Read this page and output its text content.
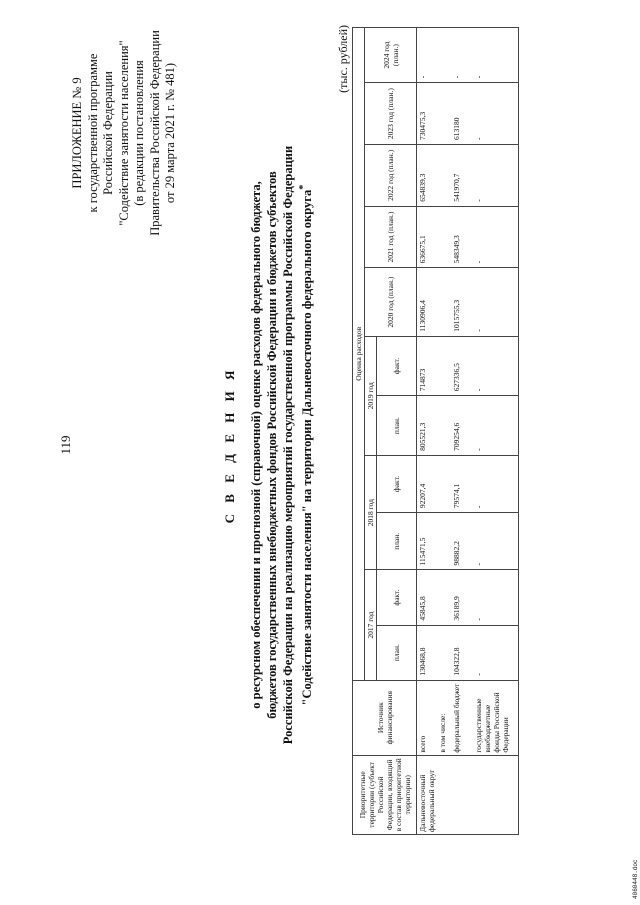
119
ПРИЛОЖЕНИЕ № 9 к государственной программе Российской Федерации "Содействие занятости населения" (в редакции постановления Правительства Российской Федерации от 29 марта 2021 г. № 481)
С В Е Д Е Н И Я о ресурсном обеспечении и прогнозной (справочной) оценке расходов федерального бюджета, бюджетов государственных внебюджетных фондов Российской Федерации и бюджетов субъектов Российской Федерации на реализацию мероприятий государственной программы Российской Федерации "Содействие занятости населения" на территории Дальневосточного федерального округа*
(тыс. рублей)
Приоритетные территории (субъект Российской Федерации, входящий в состав приоритетной территории)	Источник финансирования	Оценка расходов										
		2017 год		2018 год		2019 год		2020 год (план.)	2021 год (план.)	2022 год (план.)	2023 год (план.)	2024 год (план.)
		план.	факт.	план.	факт.	план.	факт.					
Дальневосточный федеральный округ	всего	130468,8	45845,8	115471,5	92207,4	805521,3	714873	1130906,4	636675,1	654839,3	730475,3	-
	в том числе:											
	федеральный бюджет	104322,8	36189,9	98882,2	79574,1	709254,6	627336,5	1015755,3	548349,3	541970,7	613180	-
	государственные внебюджетные фонды Российской Федерации	-	-	-	-	-	-	-	-	-	-	-
4060448.doc
